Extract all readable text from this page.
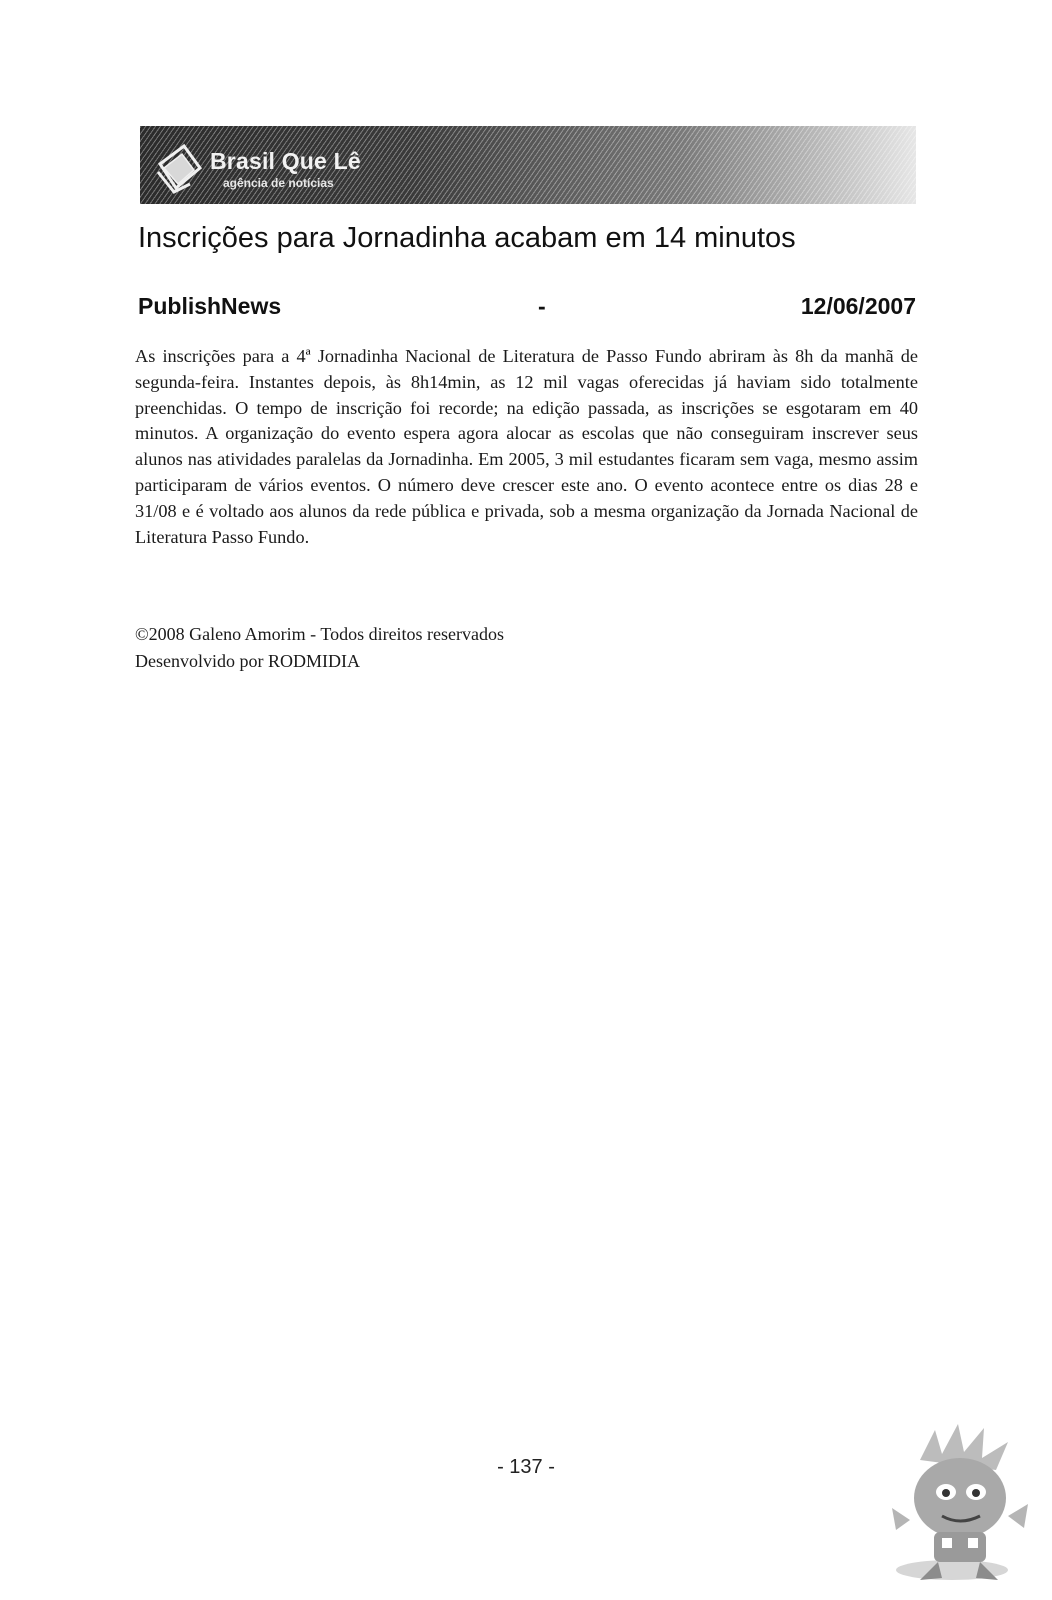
Brasil Que Lê
agência de notícias
Inscrições para Jornadinha acabam em 14 minutos
PublishNews	-	12/06/2007

As inscrições para a 4ª Jornadinha Nacional de Literatura de Passo Fundo abriram às 8h da manhã de segunda-feira. Instantes depois, às 8h14min, as 12 mil vagas oferecidas já haviam sido totalmente preenchidas. O tempo de inscrição foi recorde; na edição passada, as inscrições se esgotaram em 40 minutos. A organização do evento espera agora alocar as escolas que não conseguiram inscrever seus alunos nas atividades paralelas da Jornadinha. Em 2005, 3 mil estudantes ficaram sem vaga, mesmo assim participaram de vários eventos. O número deve crescer este ano. O evento acontece entre os dias 28 e 31/08 e é voltado aos alunos da rede pública e privada, sob a mesma organização da Jornada Nacional de Literatura Passo Fundo.

©2008 Galeno Amorim - Todos direitos reservados
Desenvolvido por RODMIDIA
- 137 -
